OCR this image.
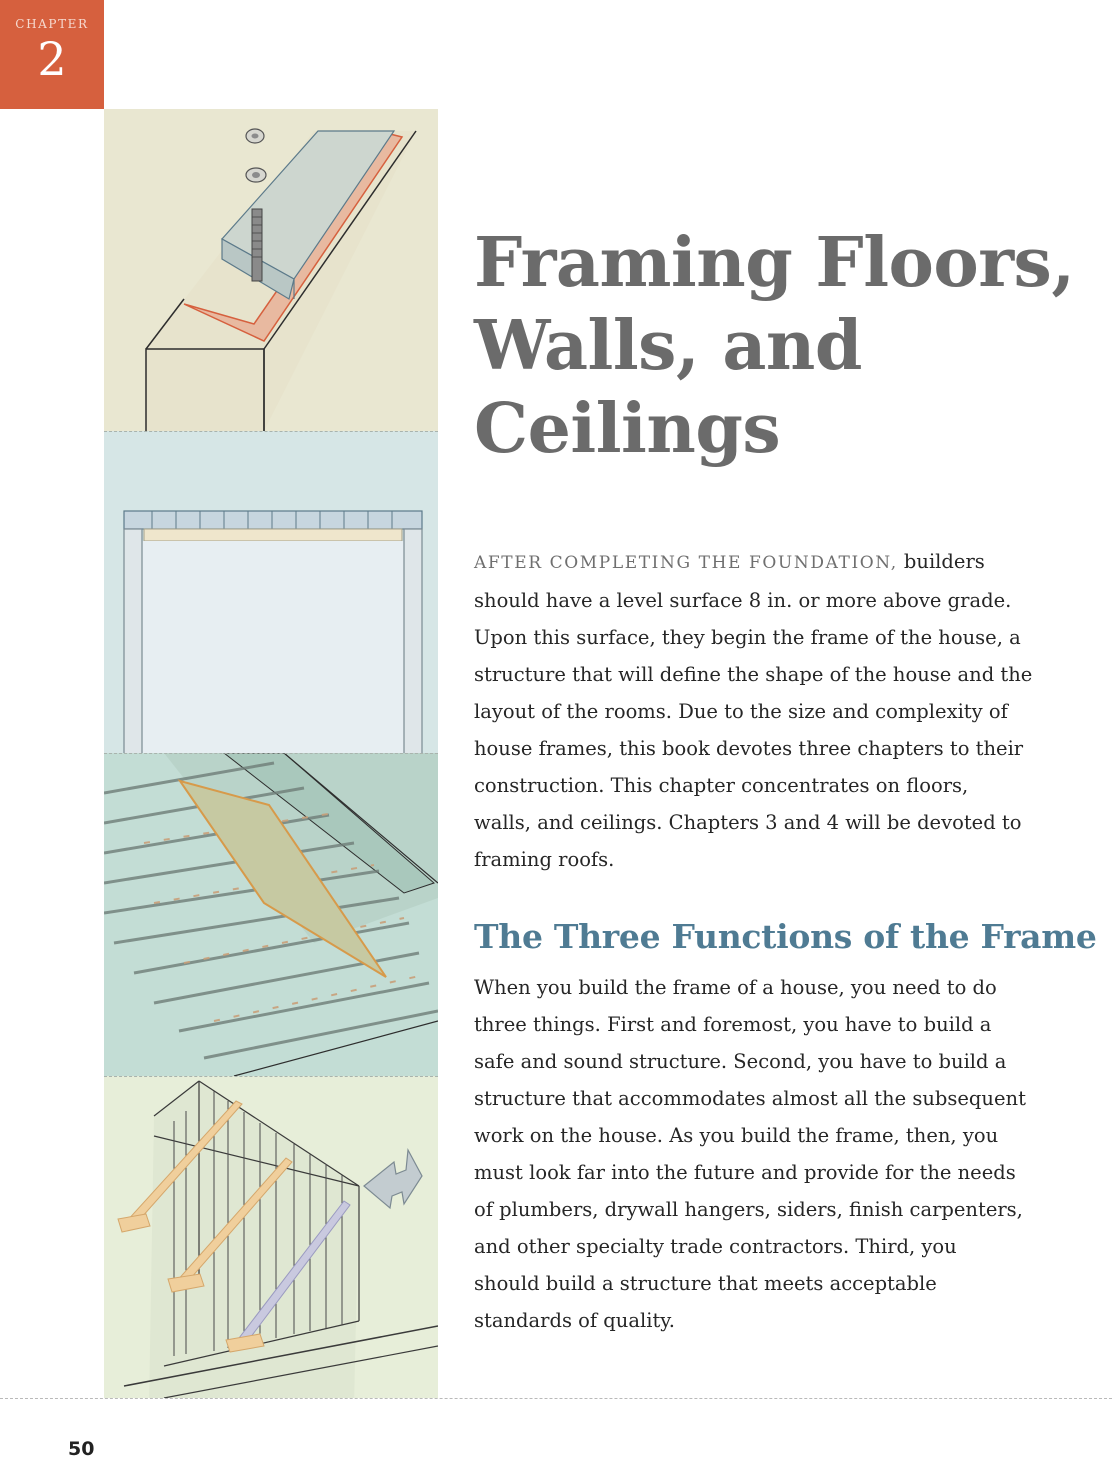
CHAPTER
2
Framing Floors,
Walls, and
Ceilings
AFTER COMPLETING THE FOUNDATION, builders
should have a level surface 8 in. or more above grade.
Upon this surface, they begin the frame of the house, a
structure that will define the shape of the house and the
layout of the rooms. Due to the size and complexity of
house frames, this book devotes three chapters to their
construction. This chapter concentrates on floors,
walls, and ceilings. Chapters 3 and 4 will be devoted to
framing roofs.
The Three Functions of the Frame
When you build the frame of a house, you need to do
three things. First and foremost, you have to build a
safe and sound structure. Second, you have to build a
structure that accommodates almost all the subsequent
work on the house. As you build the frame, then, you
must look far into the future and provide for the needs
of plumbers, drywall hangers, siders, finish carpenters,
and other specialty trade contractors. Third, you
should build a structure that meets acceptable
standards of quality.
50
